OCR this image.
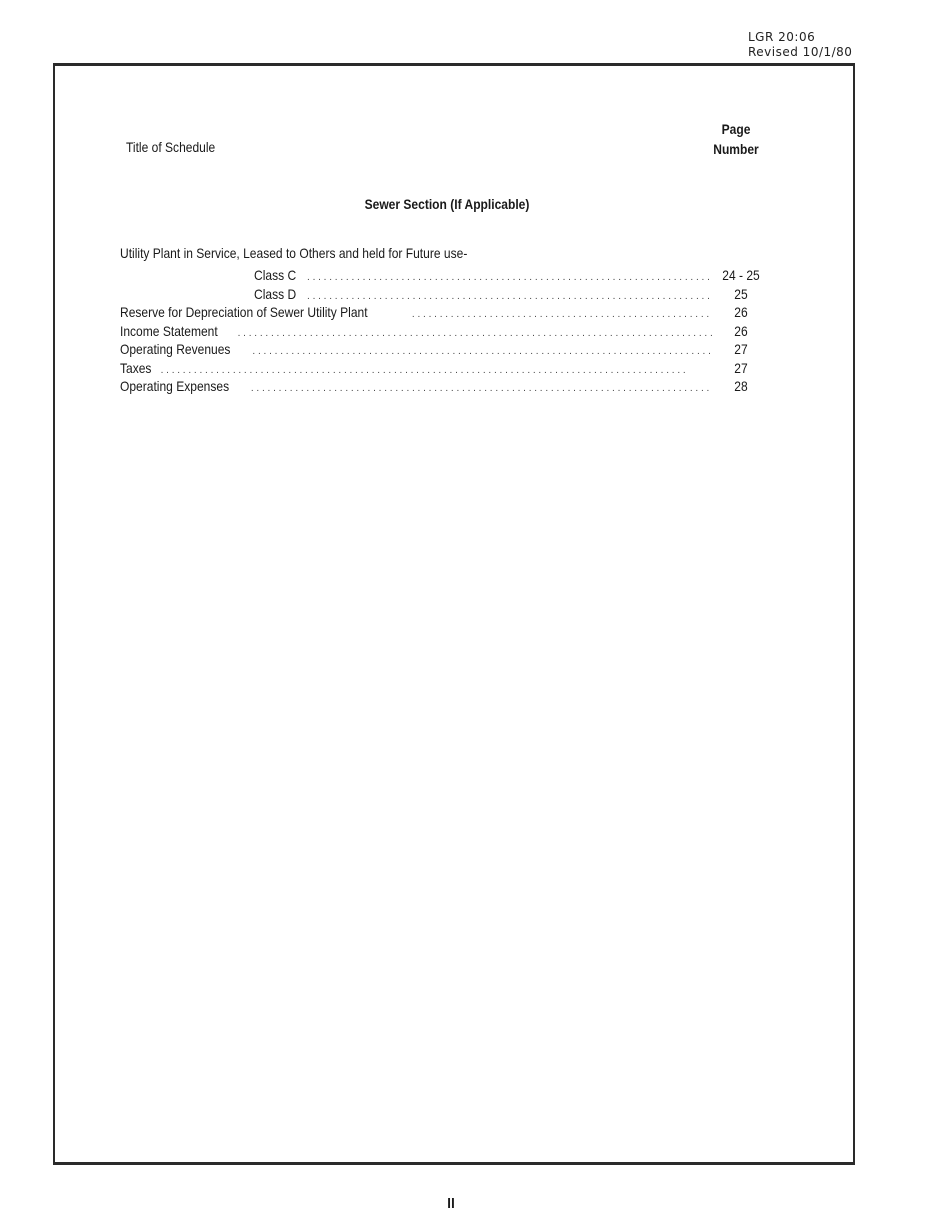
LGR 20:06
Revised 10/1/80
Title of Schedule
Page
Number
Sewer Section (If Applicable)
Utility Plant in Service, Leased to Others and held for Future use-
Class C . . .	24 - 25
Class D . . .	25
Reserve for Depreciation of Sewer Utility Plant . . .	26
Income Statement . . .	26
Operating Revenues . . .	27
Taxes . . .	27
Operating Expenses . . .	28
ll
